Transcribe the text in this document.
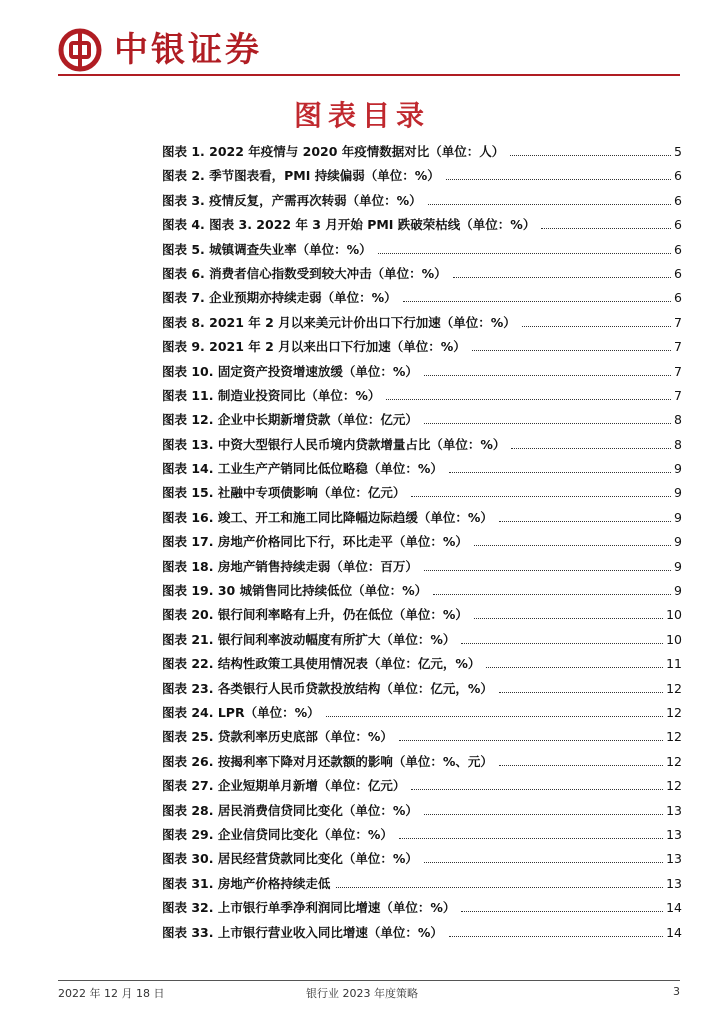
中银证券
图表目录
图表 1. 2022 年疫情与 2020 年疫情数据对比（单位：人）	5
图表 2. 季节图表看，PMI 持续偏弱（单位：%）	6
图表 3. 疫情反复，产需再次转弱（单位：%）	6
图表 4. 图表 3. 2022 年 3 月开始 PMI 跌破荣枯线（单位：%）	6
图表 5. 城镇调查失业率（单位：%）	6
图表 6. 消费者信心指数受到较大冲击（单位：%）	6
图表 7. 企业预期亦持续走弱（单位：%）	6
图表 8. 2021 年 2 月以来美元计价出口下行加速（单位：%）	7
图表 9. 2021 年 2 月以来出口下行加速（单位：%）	7
图表 10. 固定资产投资增速放缓（单位：%）	7
图表 11. 制造业投资同比（单位：%）	7
图表 12. 企业中长期新增贷款（单位：亿元）	8
图表 13. 中资大型银行人民币境内贷款增量占比（单位：%）	8
图表 14. 工业生产产销同比低位略稳（单位：%）	9
图表 15. 社融中专项债影响（单位：亿元）	9
图表 16. 竣工、开工和施工同比降幅边际趋缓（单位：%）	9
图表 17. 房地产价格同比下行，环比走平（单位：%）	9
图表 18. 房地产销售持续走弱（单位：百万）	9
图表 19. 30 城销售同比持续低位（单位：%）	9
图表 20. 银行间利率略有上升，仍在低位（单位：%）	10
图表 21. 银行间利率波动幅度有所扩大（单位：%）	10
图表 22. 结构性政策工具使用情况表（单位：亿元，%）	11
图表 23. 各类银行人民币贷款投放结构（单位：亿元，%）	12
图表 24. LPR（单位：%）	12
图表 25. 贷款利率历史底部（单位：%）	12
图表 26. 按揭利率下降对月还款额的影响（单位：%、元）	12
图表 27. 企业短期单月新增（单位：亿元）	12
图表 28. 居民消费信贷同比变化（单位：%）	13
图表 29. 企业信贷同比变化（单位：%）	13
图表 30. 居民经营贷款同比变化（单位：%）	13
图表 31. 房地产价格持续走低	13
图表 32. 上市银行单季净利润同比增速（单位：%）	14
图表 33. 上市银行营业收入同比增速（单位：%）	14
2022 年 12 月 18 日	银行业 2023 年度策略	3
